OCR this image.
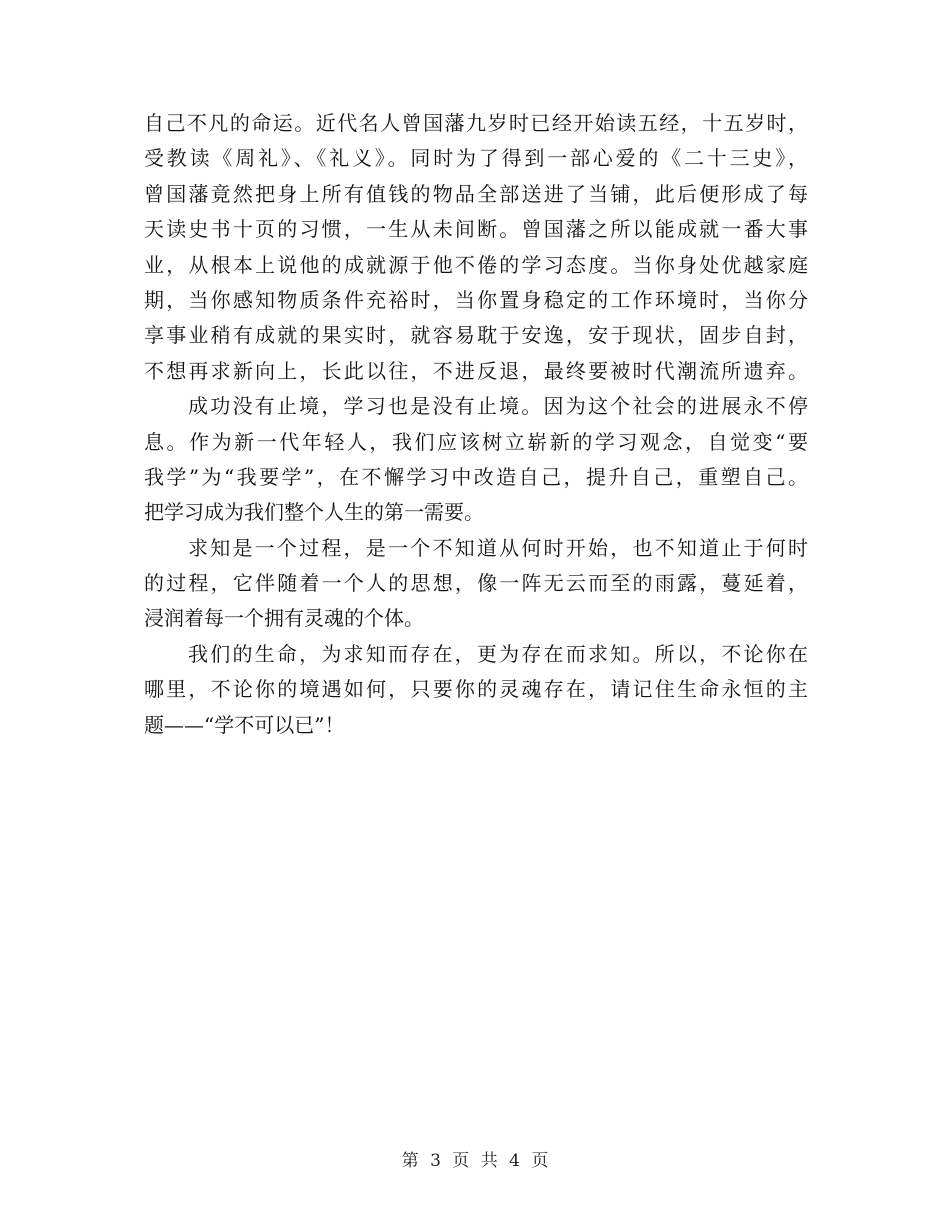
自己不凡的命运。近代名人曾国藩九岁时已经开始读五经，十五岁时，
受教读《周礼》、《礼义》。同时为了得到一部心爱的《二十三史》，
曾国藩竟然把身上所有值钱的物品全部送进了当铺，此后便形成了每
天读史书十页的习惯，一生从未间断。曾国藩之所以能成就一番大事
业，从根本上说他的成就源于他不倦的学习态度。当你身处优越家庭
期，当你感知物质条件充裕时，当你置身稳定的工作环境时，当你分
享事业稍有成就的果实时，就容易耽于安逸，安于现状，固步自封，
不想再求新向上，长此以往，不进反退，最终要被时代潮流所遗弃。
成功没有止境，学习也是没有止境。因为这个社会的进展永不停
息。作为新一代年轻人，我们应该树立崭新的学习观念，自觉变“要
我学”为“我要学”，在不懈学习中改造自己，提升自己，重塑自己。
把学习成为我们整个人生的第一需要。
求知是一个过程，是一个不知道从何时开始，也不知道止于何时
的过程，它伴随着一个人的思想，像一阵无云而至的雨露，蔓延着，
浸润着每一个拥有灵魂的个体。
我们的生命，为求知而存在，更为存在而求知。所以，不论你在
哪里，不论你的境遇如何，只要你的灵魂存在，请记住生命永恒的主
题——“学不可以已”！
第 3 页 共 4 页
